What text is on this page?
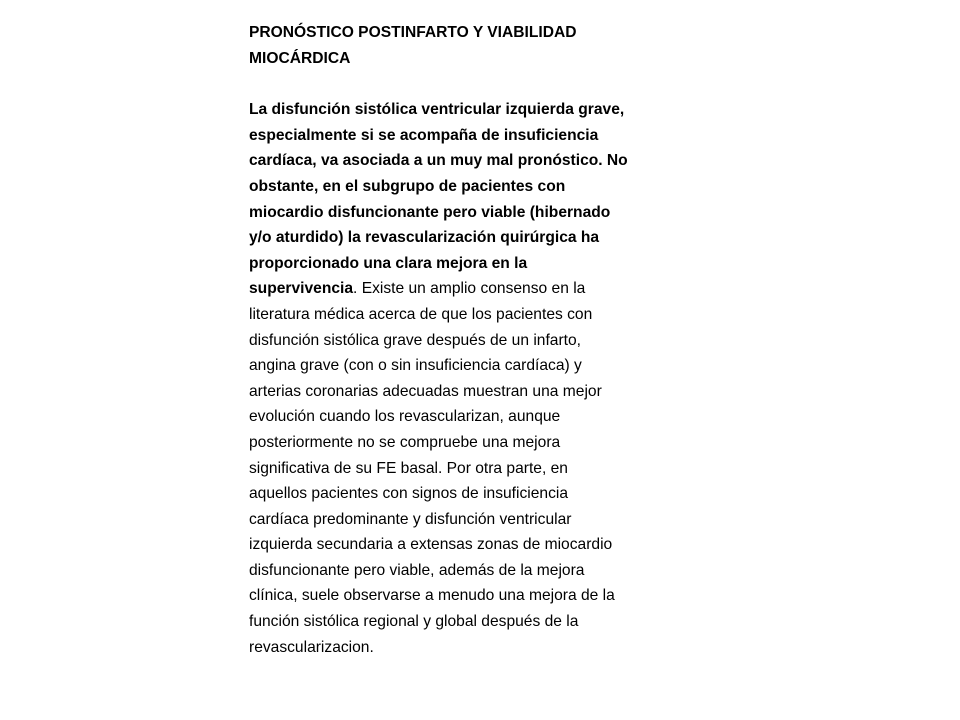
PRONÓSTICO POSTINFARTO Y VIABILIDAD
MIOCÁRDICA
La disfunción sistólica ventricular izquierda grave,
especialmente si se acompaña de insuficiencia
cardíaca, va asociada a un muy mal pronóstico. No
obstante, en el subgrupo de pacientes con
miocardio disfuncionante pero viable (hibernado
y/o aturdido) la revascularización quirúrgica ha
proporcionado una clara mejora en la
supervivencia. Existe un amplio consenso en la
literatura médica acerca de que los pacientes con
disfunción sistólica grave después de un infarto,
angina grave (con o sin insuficiencia cardíaca) y
arterias coronarias adecuadas muestran una mejor
evolución cuando los revascularizan, aunque
posteriormente no se compruebe una mejora
significativa de su FE basal. Por otra parte, en
aquellos pacientes con signos de insuficiencia
cardíaca predominante y disfunción ventricular
izquierda secundaria a extensas zonas de miocardio
disfuncionante pero viable, además de la mejora
clínica, suele observarse a menudo una mejora de la
función sistólica regional y global después de la
revascularizacion.
